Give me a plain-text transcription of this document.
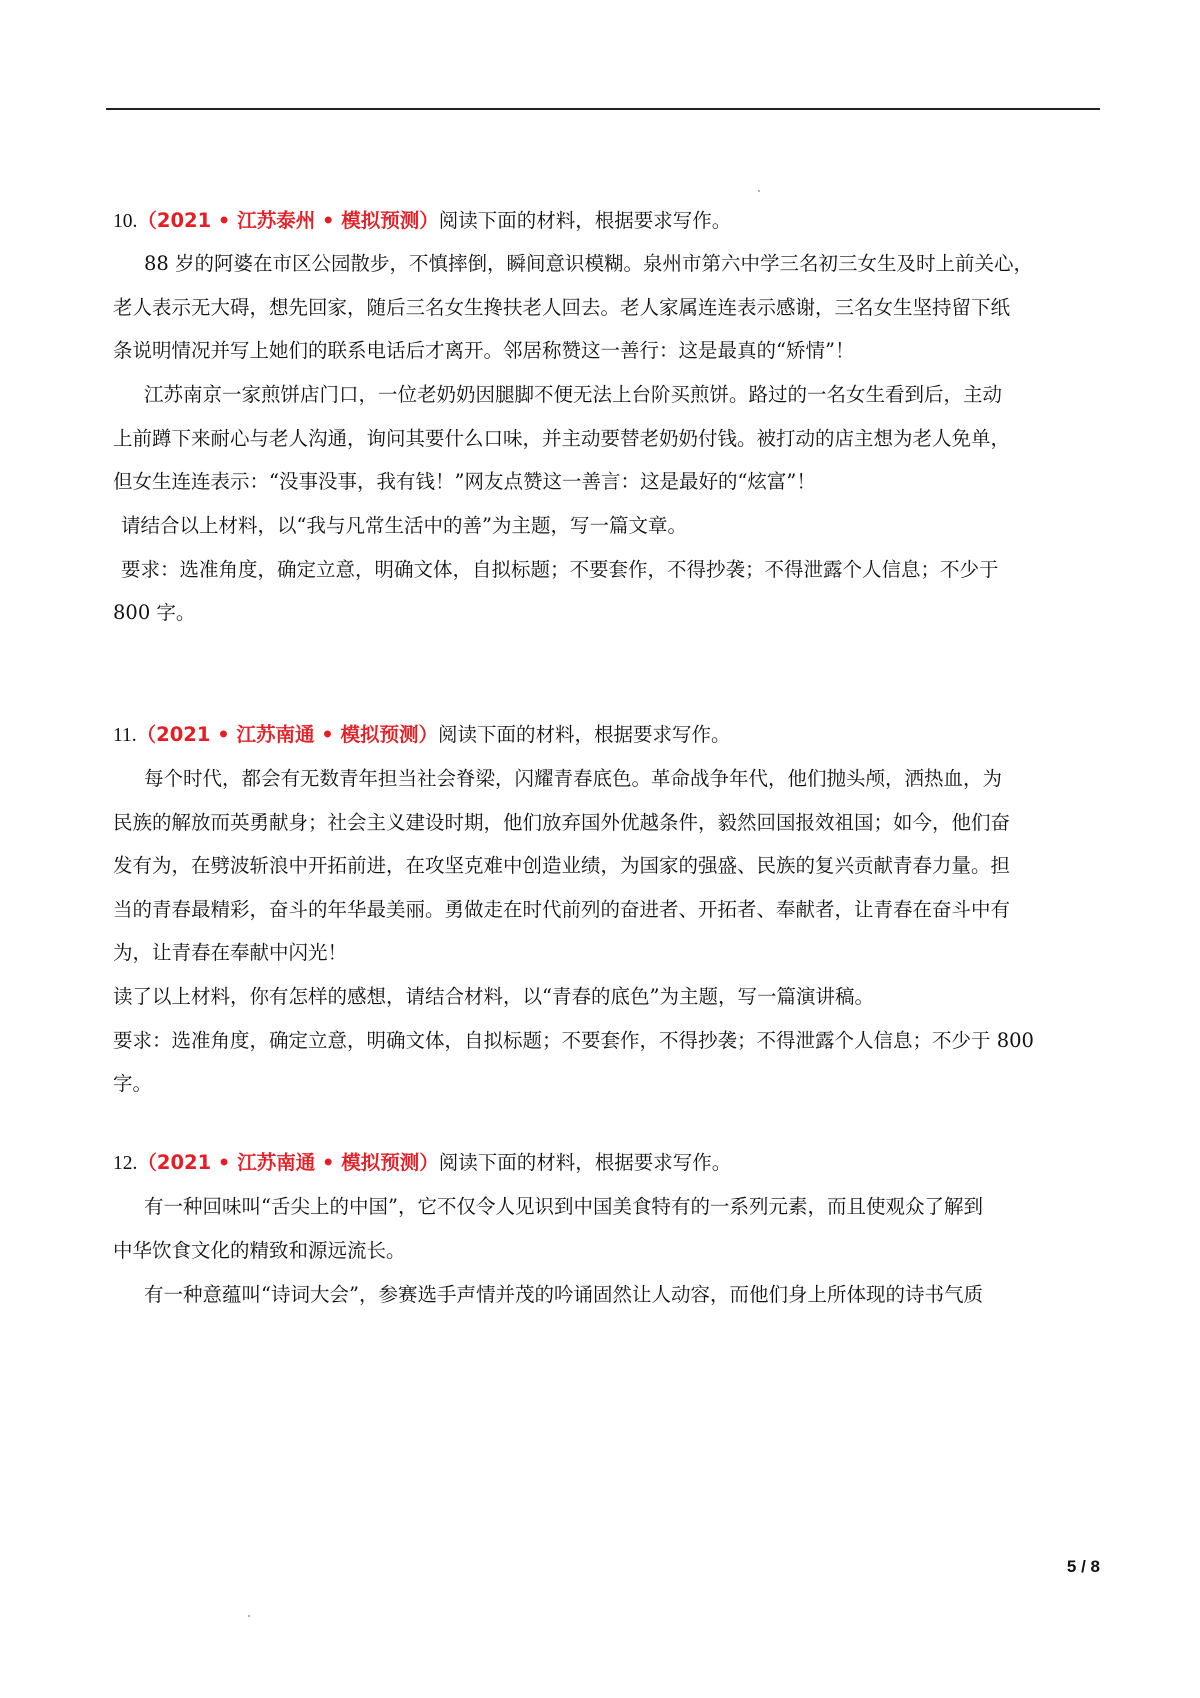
10.（2021 • 江苏泰州 • 模拟预测）阅读下面的材料，根据要求写作。
88 岁的阿婆在市区公园散步，不慎摔倒，瞬间意识模糊。泉州市第六中学三名初三女生及时上前关心，
老人表示无大碍，想先回家，随后三名女生搀扶老人回去。老人家属连连表示感谢，三名女生坚持留下纸
条说明情况并写上她们的联系电话后才离开。邻居称赞这一善行：这是最真的“矫情”！
江苏南京一家煎饼店门口，一位老奶奶因腿脚不便无法上台阶买煎饼。路过的一名女生看到后，主动
上前蹲下来耐心与老人沟通，询问其要什么口味，并主动要替老奶奶付钱。被打动的店主想为老人免单，
但女生连连表示：“没事没事，我有钱！”网友点赞这一善言：这是最好的“炫富”！
请结合以上材料，以“我与凡常生活中的善”为主题，写一篇文章。
要求：选准角度，确定立意，明确文体，自拟标题；不要套作，不得抄袭；不得泄露个人信息；不少于
800 字。
11.（2021 • 江苏南通 • 模拟预测）阅读下面的材料，根据要求写作。
每个时代，都会有无数青年担当社会脊梁，闪耀青春底色。革命战争年代，他们抛头颅，洒热血，为
民族的解放而英勇献身；社会主义建设时期，他们放弃国外优越条件，毅然回国报效祖国；如今，他们奋
发有为，在劈波斩浪中开拓前进，在攻坚克难中创造业绩，为国家的强盛、民族的复兴贡献青春力量。担
当的青春最精彩，奋斗的年华最美丽。勇做走在时代前列的奋进者、开拓者、奉献者，让青春在奋斗中有
为，让青春在奉献中闪光！
读了以上材料，你有怎样的感想，请结合材料，以“青春的底色”为主题，写一篇演讲稿。
要求：选准角度，确定立意，明确文体，自拟标题；不要套作，不得抄袭；不得泄露个人信息；不少于 800
字。
12.（2021 • 江苏南通 • 模拟预测）阅读下面的材料，根据要求写作。
有一种回味叫“舌尖上的中国”，它不仅令人见识到中国美食特有的一系列元素，而且使观众了解到
中华饮食文化的精致和源远流长。
有一种意蕴叫“诗词大会”，参赛选手声情并茂的吟诵固然让人动容，而他们身上所体现的诗书气质
5 / 8
